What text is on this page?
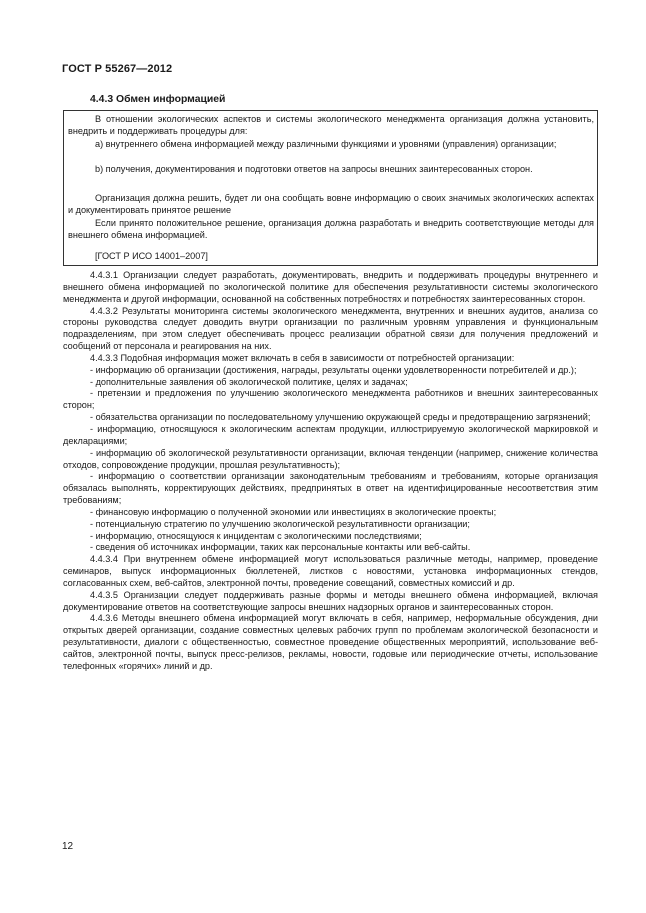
ГОСТ Р 55267—2012
4.4.3 Обмен информацией

В отношении экологических аспектов и системы экологического менеджмента организация должна установить, внедрить и поддерживать процедуры для:

a) внутреннего обмена информацией между различными функциями и уровнями (управления) организации;

b) получения, документирования и подготовки ответов на запросы внешних заинтересованных сторон.

Организация должна решить, будет ли она сообщать вовне информацию о своих значимых экологических аспектах и документировать принятое решение

Если принято положительное решение, организация должна разработать и внедрить соответствующие методы для внешнего обмена информацией.

[ГОСТ Р ИСО 14001–2007]

4.4.3.1 Организации следует разработать, документировать, внедрить и поддерживать процедуры внутреннего и внешнего обмена информацией по экологической политике для обеспечения результативности системы экологического менеджмента и другой информации, основанной на собственных потребностях и потребностях заинтересованных сторон.

4.4.3.2 Результаты мониторинга системы экологического менеджмента, внутренних и внешних аудитов, анализа со стороны руководства следует доводить внутри организации по различным уровням управления и функциональным подразделениям, при этом следует обеспечивать процесс реализации обратной связи для получения предложений и сообщений от персонала и реагирования на них.

4.4.3.3 Подобная информация может включать в себя в зависимости от потребностей организации:

- информацию об организации (достижения, награды, результаты оценки удовлетворенности потребителей и др.);

- дополнительные заявления об экологической политике, целях и задачах;

- претензии и предложения по улучшению экологического менеджмента работников и внешних заинтересованных сторон;

- обязательства организации по последовательному улучшению окружающей среды и предотвращению загрязнений;

- информацию, относящуюся к экологическим аспектам продукции, иллюстрируемую экологической маркировкой и декларациями;

- информацию об экологической результативности организации, включая тенденции (например, снижение количества отходов, сопровождение продукции, прошлая результативность);

- информацию о соответствии организации законодательным требованиям и требованиям, которые организация обязалась выполнять, корректирующих действиях, предпринятых в ответ на идентифицированные несоответствия этим требованиям;

- финансовую информацию о полученной экономии или инвестициях в экологические проекты;

- потенциальную стратегию по улучшению экологической результативности организации;

- информацию, относящуюся к инцидентам с экологическими последствиями;

- сведения об источниках информации, таких как персональные контакты или веб-сайты.

4.4.3.4 При внутреннем обмене информацией могут использоваться различные методы, например, проведение семинаров, выпуск информационных бюллетеней, листков с новостями, установка информационных стендов, согласованных схем, веб-сайтов, электронной почты, проведение совещаний, совместных комиссий и др.

4.4.3.5 Организации следует поддерживать разные формы и методы внешнего обмена информацией, включая документирование ответов на соответствующие запросы внешних надзорных органов и заинтересованных сторон.

4.4.3.6 Методы внешнего обмена информацией могут включать в себя, например, неформальные обсуждения, дни открытых дверей организации, создание совместных целевых рабочих групп по проблемам экологической безопасности и результативности, диалоги с общественностью, совместное проведение общественных мероприятий, использование веб-сайтов, электронной почты, выпуск пресс-релизов, рекламы, новости, годовые или периодические отчеты, использование телефонных «горячих» линий и др.

12
